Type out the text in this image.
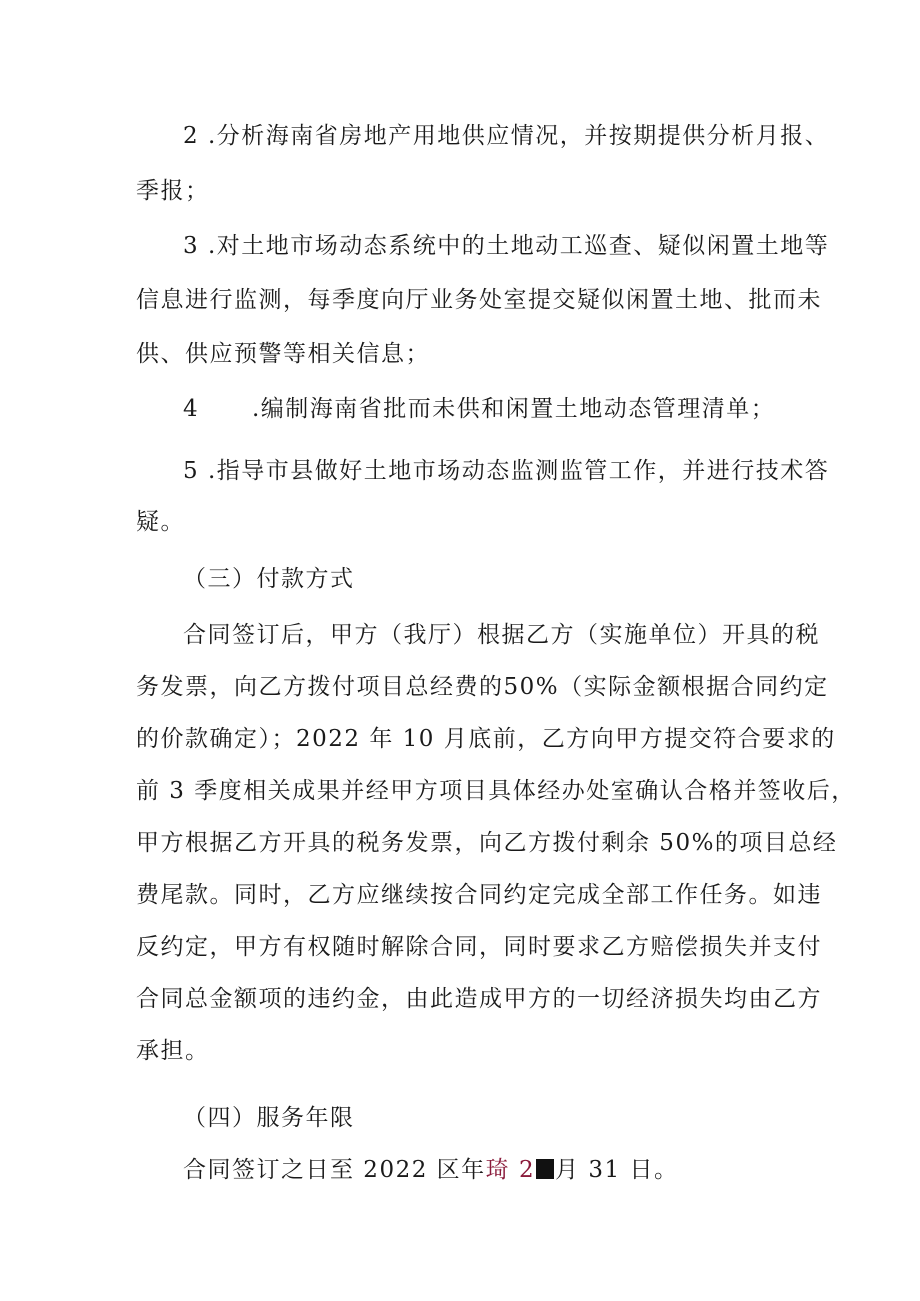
2 .分析海南省房地产用地供应情况，并按期提供分析月报、
季报；
3 .对土地市场动态系统中的土地动工巡查、疑似闲置土地等
信息进行监测，每季度向厅业务处室提交疑似闲置土地、批而未
供、供应预警等相关信息；
4      .编制海南省批而未供和闲置土地动态管理清单；
5 .指导市县做好土地市场动态监测监管工作，并进行技术答
疑。
（三）付款方式
合同签订后，甲方（我厅）根据乙方（实施单位）开具的税
务发票，向乙方拨付项目总经费的50%（实际金额根据合同约定
的价款确定）；2022 年 10 月底前，乙方向甲方提交符合要求的
前 3 季度相关成果并经甲方项目具体经办处室确认合格并签收后，
甲方根据乙方开具的税务发票，向乙方拨付剩余 50%的项目总经
费尾款。同时，乙方应继续按合同约定完成全部工作任务。如违
反约定，甲方有权随时解除合同，同时要求乙方赔偿损失并支付
合同总金额项的违约金，由此造成甲方的一切经济损失均由乙方
承担。
（四）服务年限
合同签订之日至 2022 区年琦 2 月 31 日。
